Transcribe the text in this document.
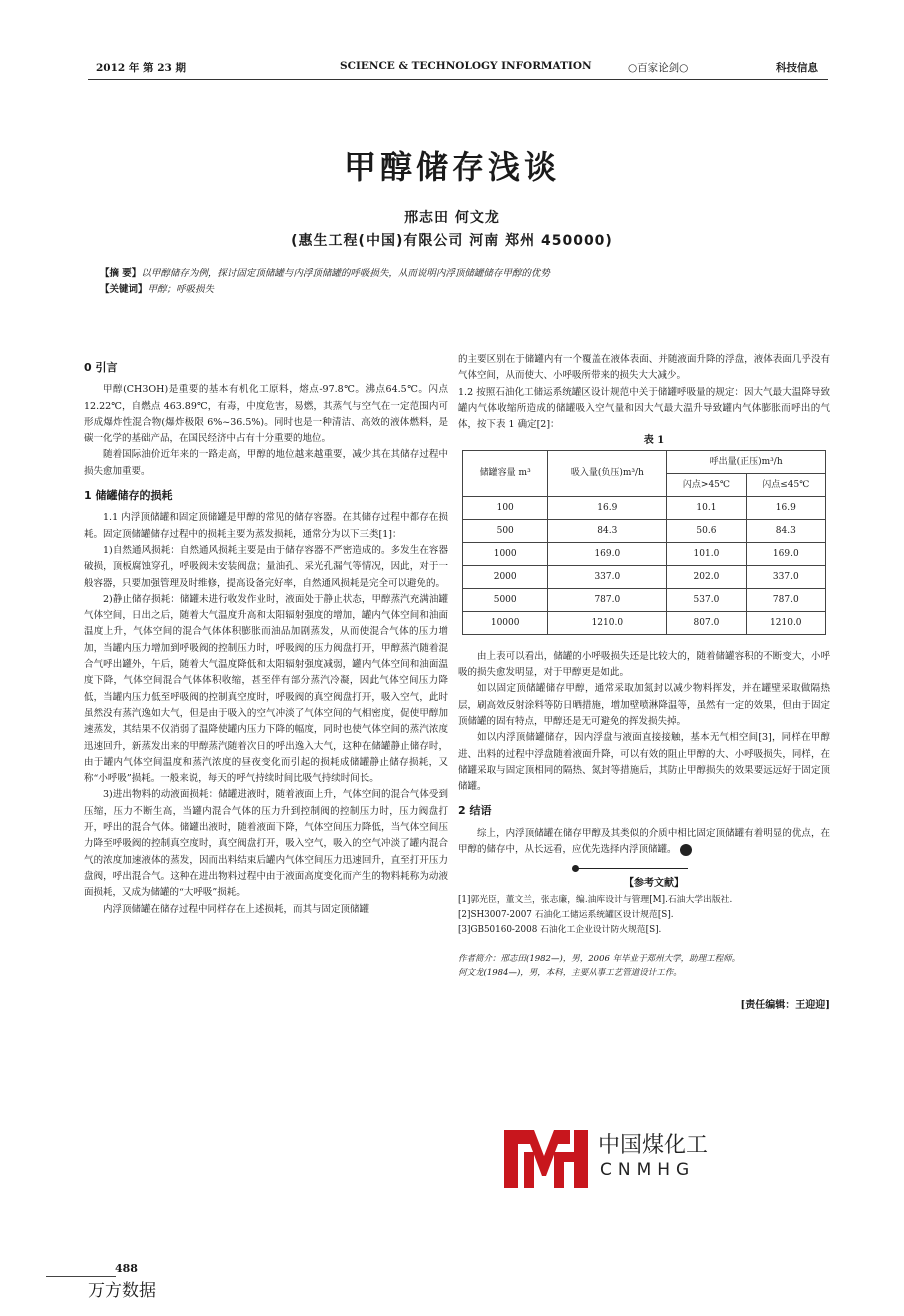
2012 年 第 23 期	SCIENCE & TECHNOLOGY INFORMATION	○百家论剑○	科技信息
甲醇储存浅谈
邢志田 何文龙
(惠生工程(中国)有限公司 河南 郑州 450000)
【摘 要】以甲醇储存为例，探讨固定顶储罐与内浮顶储罐的呼吸损失，从而说明内浮顶储罐储存甲醇的优势
【关键词】甲醇；呼吸损失
0 引言

甲醇(CH3OH)是重要的基本有机化工原料，熔点-97.8℃。沸点64.5℃。闪点 12.22℃，自燃点 463.89℃，有毒，中度危害，易燃，其蒸气与空气在一定范围内可形成爆炸性混合物(爆炸极限 6%~36.5%)。同时也是一种清洁、高效的液体燃料，是碳一化学的基础产品，在国民经济中占有十分重要的地位。

随着国际油价近年来的一路走高，甲醇的地位越来越重要，减少其在其储存过程中损失愈加重要。

1 储罐储存的损耗

1.1 内浮顶储罐和固定顶储罐是甲醇的常见的储存容器。在其储存过程中都存在损耗。固定顶储罐储存过程中的损耗主要为蒸发损耗，通常分为以下三类[1]：

1)自然通风损耗：自然通风损耗主要是由于储存容器不严密造成的。多发生在容器破损，顶板腐蚀穿孔，呼吸阀未安装阀盘；量油孔、采光孔漏气等情况，因此，对于一般容器，只要加强管理及时维修，提高设备完好率，自然通风损耗是完全可以避免的。

2)静止储存损耗：储罐未进行收发作业时，液面处于静止状态，甲醇蒸汽充满油罐气体空间，日出之后，随着大气温度升高和太阳辐射强度的增加，罐内气体空间和油面温度上升，气体空间的混合气体体积膨胀而油品加剧蒸发，从而使混合气体的压力增加，当罐内压力增加到呼吸阀的控制压力时，呼吸阀的压力阀盘打开，甲醇蒸汽随着混合气呼出罐外，午后，随着大气温度降低和太阳辐射强度减弱，罐内气体空间和油面温度下降，气体空间混合气体体积收缩，甚至伴有部分蒸汽冷凝，因此气体空间压力降低，当罐内压力低至呼吸阀的控制真空度时，呼吸阀的真空阀盘打开，吸入空气，此时虽然没有蒸汽逸如大气，但是由于吸入的空气冲淡了气体空间的气相密度，促使甲醇加速蒸发，其结果不仅消弱了温降使罐内压力下降的幅度，同时也使气体空间的蒸汽浓度迅速回升，新蒸发出来的甲醇蒸汽随着次日的呼出逸入大气，这种在储罐静止储存时，由于罐内气体空间温度和蒸汽浓度的昼夜变化而引起的损耗成储罐静止储存损耗，又称“小呼吸”损耗。一般来说，每天的呼气持续时间比吸气持续时间长。

3)进出物料的动液面损耗：储罐进液时，随着液面上升，气体空间的混合气体受到压缩，压力不断生高，当罐内混合气体的压力升到控制阀的控制压力时，压力阀盘打开，呼出的混合气体。储罐出液时，随着液面下降，气体空间压力降低，当气体空间压力降至呼吸阀的控制真空度时，真空阀盘打开，吸入空气，吸入的空气冲淡了罐内混合气的浓度加速液体的蒸发，因而出料结束后罐内气体空间压力迅速回升，直至打开压力盘阀，呼出混合气。这种在进出物料过程中由于液面高度变化而产生的物料耗称为动液面损耗，又成为储罐的“大呼吸”损耗。

内浮顶储罐在储存过程中同样存在上述损耗，而其与固定顶储罐

的主要区别在于储罐内有一个覆盖在液体表面、并随液面升降的浮盘，液体表面几乎没有气体空间，从而使大、小呼吸所带来的损失大大减少。

1.2 按照石油化工储运系统罐区设计规范中关于储罐呼吸量的规定：因大气最大温降导致罐内气体收缩所造成的储罐吸入空气量和因大气最大温升导致罐内气体膨胀而呼出的气体，按下表 1 确定[2]：

表 1

储罐容量 m³	吸入量(负压)m³/h	呼出量(正压)m³/h	
		闪点>45℃	闪点≤45℃
100	16.9	10.1	16.9
500	84.3	50.6	84.3
1000	169.0	101.0	169.0
2000	337.0	202.0	337.0
5000	787.0	537.0	787.0
10000	1210.0	807.0	1210.0

由上表可以看出，储罐的小呼吸损失还是比较大的，随着储罐容积的不断变大，小呼吸的损失愈发明显，对于甲醇更是如此。

如以固定顶储罐储存甲醇，通常采取加氮封以减少物料挥发，并在罐壁采取做隔热层，刷高效反射涂料等防日晒措施，增加壁喷淋降温等，虽然有一定的效果，但由于固定顶储罐的固有特点，甲醇还是无可避免的挥发损失掉。

如以内浮顶储罐储存，因内浮盘与液面直接接触，基本无气相空间[3]，同样在甲醇进、出料的过程中浮盘随着液面升降，可以有效的阻止甲醇的大、小呼吸损失，同样，在储罐采取与固定顶相同的隔热、氮封等措施后，其防止甲醇损失的效果要远远好于固定顶储罐。

2 结语

综上，内浮顶储罐在储存甲醇及其类似的介质中相比固定顶储罐有着明显的优点，在甲醇的储存中，从长远看，应优先选择内浮顶储罐。

【参考文献】

[1]郭光臣，董文兰，张志廉，编.油库设计与管理[M].石油大学出版社.

[2]SH3007-2007 石油化工储运系统罐区设计规范[S].

[3]GB50160-2008 石油化工企业设计防火规范[S].

作者简介：邢志田(1982—)，男，2006 年毕业于郑州大学，助理工程师。
何文龙(1984—)，男，本科，主要从事工艺管道设计工作。
[责任编辑：王迎迎]
中国煤化工
CNMHG
488
万方数据
